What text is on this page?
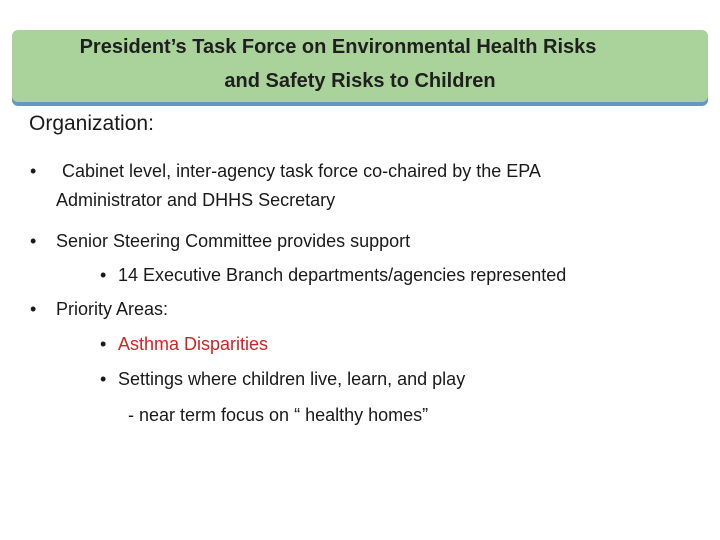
President’s Task Force on Environmental Health Risks
and Safety Risks to Children
Organization:
• Cabinet level, inter-agency task force co-chaired by the EPA
Administrator and DHHS Secretary
• Senior Steering Committee provides support
• 14 Executive Branch departments/agencies represented
• Priority Areas:
• Asthma Disparities
• Settings where children live, learn, and play
- near term focus on “ healthy homes”
